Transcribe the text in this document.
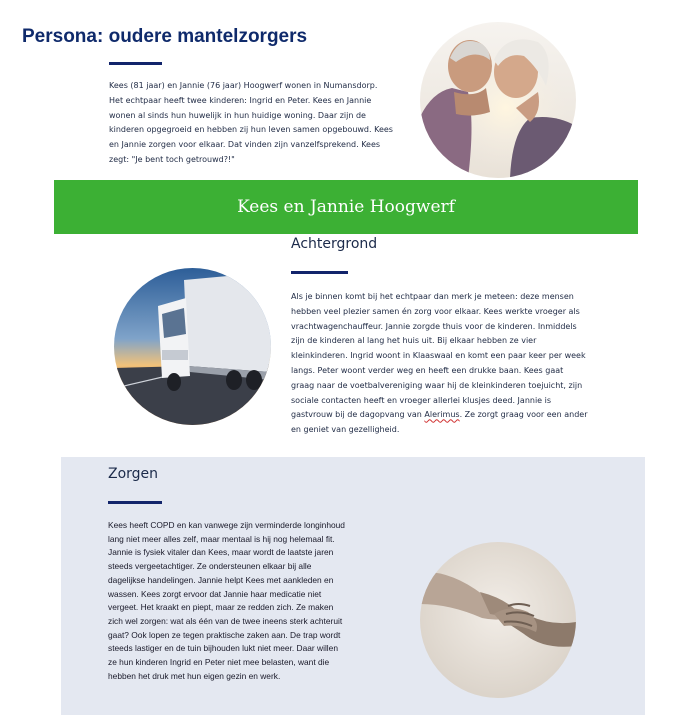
Persona: oudere mantelzorgers

Kees (81 jaar) en Jannie (76 jaar) Hoogwerf wonen in Numansdorp.

Het echtpaar heeft twee kinderen: Ingrid en Peter. Kees en Jannie

wonen al sinds hun huwelijk in hun huidige woning. Daar zijn de

kinderen opgegroeid en hebben zij hun leven samen opgebouwd. Kees

en Jannie zorgen voor elkaar. Dat vinden zijn vanzelfsprekend. Kees

zegt: "Je bent toch getrouwd?!"

Kees en Jannie Hoogwerf
Achtergrond

Als je binnen komt bij het echtpaar dan merk je meteen: deze mensen

hebben veel plezier samen én zorg voor elkaar. Kees werkte vroeger als

vrachtwagenchauffeur. Jannie zorgde thuis voor de kinderen. Inmiddels

zijn de kinderen al lang het huis uit. Bij elkaar hebben ze vier

kleinkinderen. Ingrid woont in Klaaswaal en komt een paar keer per week

langs. Peter woont verder weg en heeft een drukke baan. Kees gaat

graag naar de voetbalvereniging waar hij de kleinkinderen toejuicht, zijn

sociale contacten heeft en vroeger allerlei klusjes deed. Jannie is

gastvrouw bij de dagopvang van Alerimus. Ze zorgt graag voor een ander

en geniet van gezelligheid.

Zorgen

Kees heeft COPD en kan vanwege zijn verminderde longinhoud

lang niet meer alles zelf, maar mentaal is hij nog helemaal fit.

Jannie is fysiek vitaler dan Kees, maar wordt de laatste jaren

steeds vergeetachtiger. Ze ondersteunen elkaar bij alle

dagelijkse handelingen. Jannie helpt Kees met aankleden en

wassen. Kees zorgt ervoor dat Jannie haar medicatie niet

vergeet. Het kraakt en piept, maar ze redden zich. Ze maken

zich wel zorgen: wat als één van de twee ineens sterk achteruit

gaat? Ook lopen ze tegen praktische zaken aan. De trap wordt

steeds lastiger en de tuin bijhouden lukt niet meer. Daar willen

ze hun kinderen Ingrid en Peter niet mee belasten, want die

hebben het druk met hun eigen gezin en werk.
